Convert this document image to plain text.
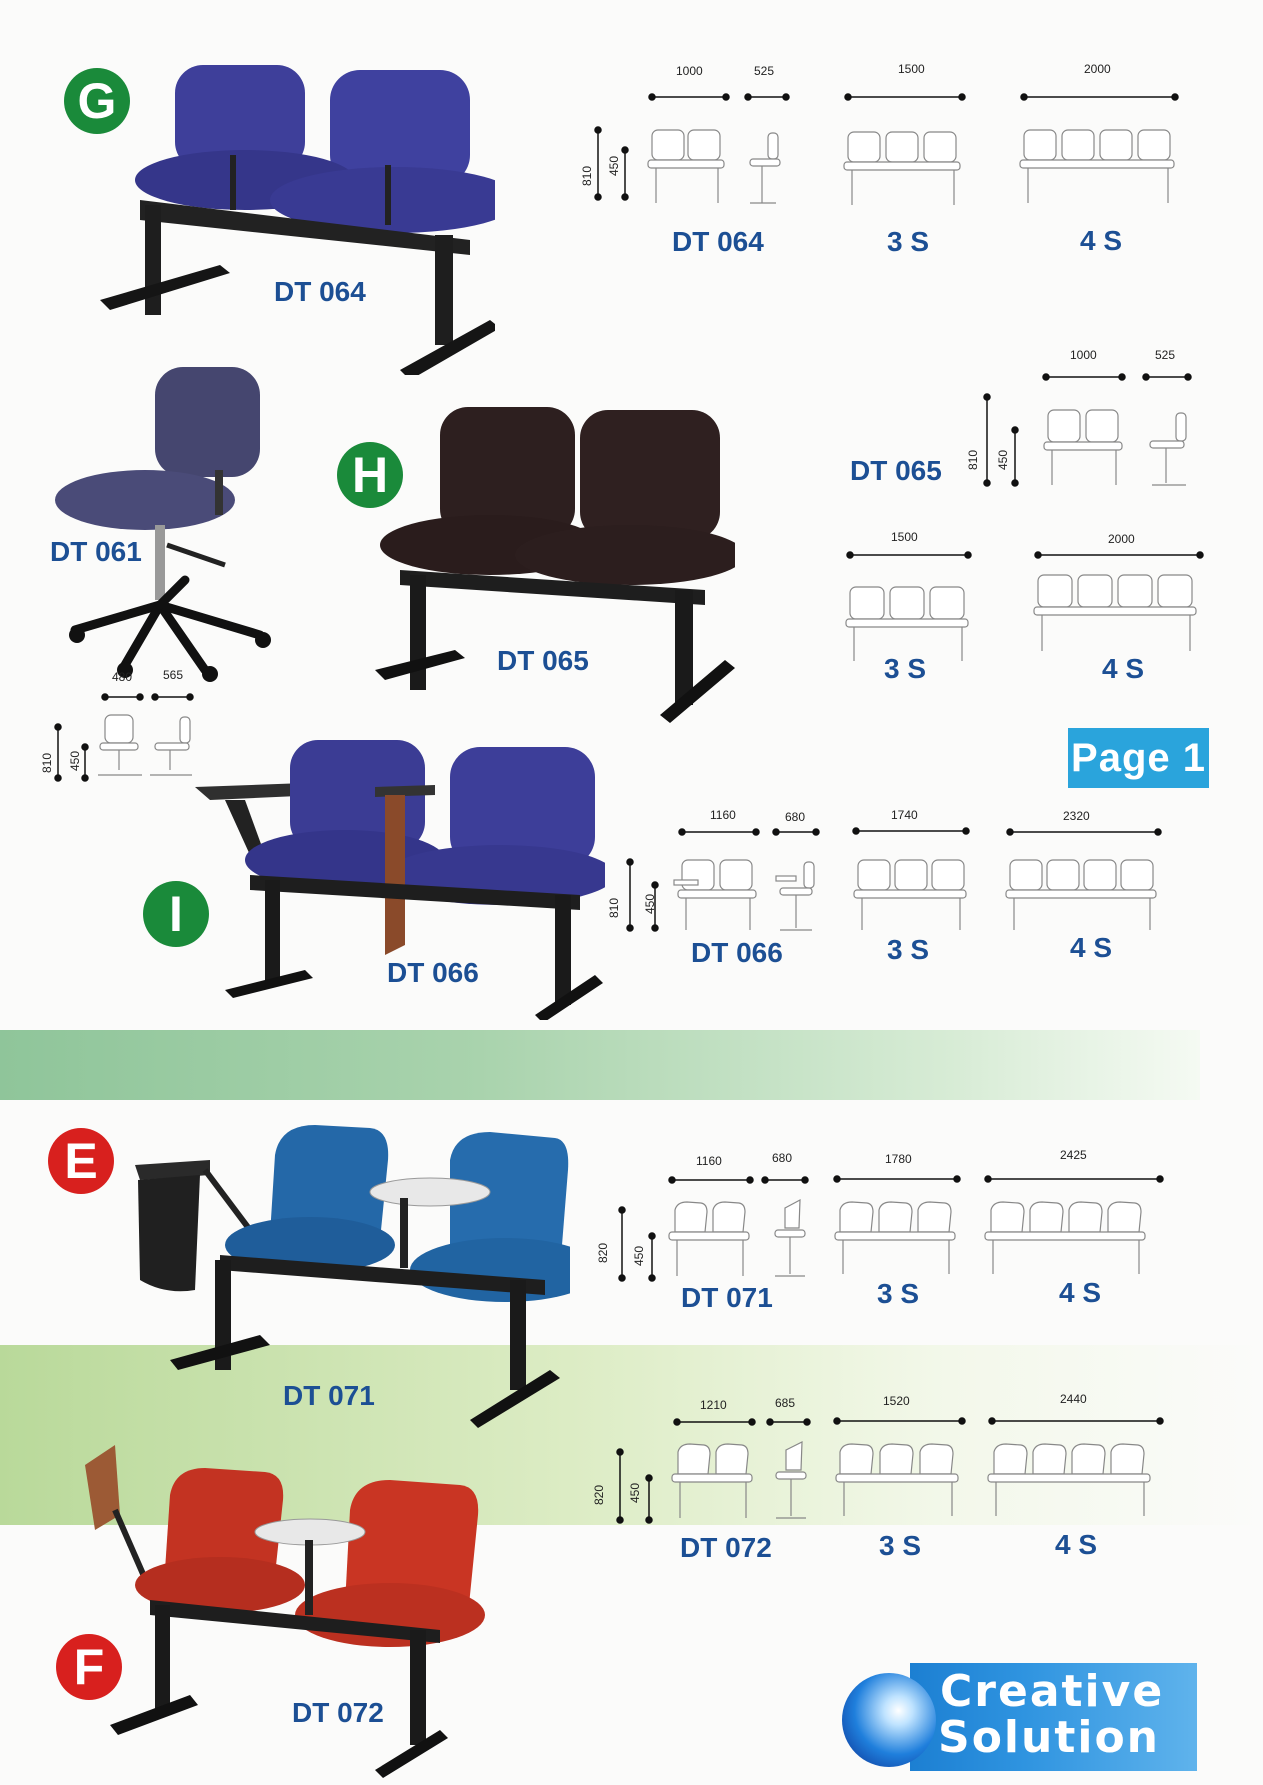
G
DT 064
1000	525	1500	2000
810 450
DT 064	3 S	4 S
DT 061
480	565
810 450
H
DT 065
1000	525
1500	2000
810 450
DT 065
3 S	4 S
Page 1
I
DT 066
1160	680	1740	2320
810 450
DT 066	3 S	4 S
E
DT 071
1160	680	1780	2425
820 450
DT 071	3 S	4 S
1210	685	1520	2440
820 450
DT 072	3 S	4 S
F
DT 072	Creative
Solution
